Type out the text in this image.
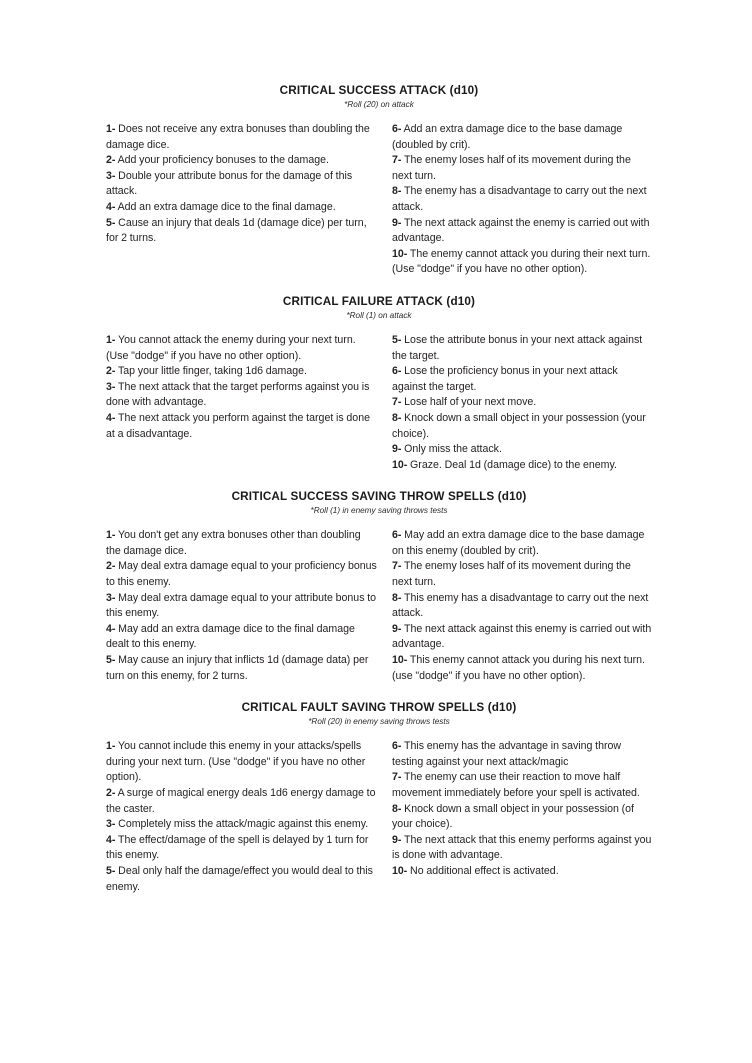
CRITICAL SUCCESS ATTACK (d10)
*Roll (20) on attack

1- Does not receive any extra bonuses than doubling the damage dice.

2- Add your proficiency bonuses to the damage.

3- Double your attribute bonus for the damage of this attack.

4- Add an extra damage dice to the final damage.

5- Cause an injury that deals 1d (damage dice) per turn, for 2 turns.

6- Add an extra damage dice to the base damage (doubled by crit).

7- The enemy loses half of its movement during the next turn.

8- The enemy has a disadvantage to carry out the next attack.

9- The next attack against the enemy is carried out with advantage.

10- The enemy cannot attack you during their next turn. (Use "dodge" if you have no other option).

CRITICAL FAILURE ATTACK (d10)
*Roll (1) on attack

1- You cannot attack the enemy during your next turn. (Use "dodge" if you have no other option).

2- Tap your little finger, taking 1d6 damage.

3- The next attack that the target performs against you is done with advantage.

4- The next attack you perform against the target is done at a disadvantage.

5- Lose the attribute bonus in your next attack against the target.

6- Lose the proficiency bonus in your next attack against the target.

7- Lose half of your next move.

8- Knock down a small object in your possession (your choice).

9- Only miss the attack.

10- Graze. Deal 1d (damage dice) to the enemy.

CRITICAL SUCCESS SAVING THROW SPELLS (d10)
*Roll (1) in enemy saving throws tests

1- You don't get any extra bonuses other than doubling the damage dice.

2- May deal extra damage equal to your proficiency bonus to this enemy.

3- May deal extra damage equal to your attribute bonus to this enemy.

4- May add an extra damage dice to the final damage dealt to this enemy.

5- May cause an injury that inflicts 1d (damage data) per turn on this enemy, for 2 turns.

6- May add an extra damage dice to the base damage on this enemy (doubled by crit).

7- The enemy loses half of its movement during the next turn.

8- This enemy has a disadvantage to carry out the next attack.

9- The next attack against this enemy is carried out with advantage.

10- This enemy cannot attack you during his next turn. (use "dodge" if you have no other option).

CRITICAL FAULT SAVING THROW SPELLS (d10)
*Roll (20) in enemy saving throws tests

1- You cannot include this enemy in your attacks/spells during your next turn. (Use "dodge" if you have no other option).

2- A surge of magical energy deals 1d6 energy damage to the caster.

3- Completely miss the attack/magic against this enemy.

4- The effect/damage of the spell is delayed by 1 turn for this enemy.

5- Deal only half the damage/effect you would deal to this enemy.

6- This enemy has the advantage in saving throw testing against your next attack/magic

7- The enemy can use their reaction to move half movement immediately before your spell is activated.

8- Knock down a small object in your possession (of your choice).

9- The next attack that this enemy performs against you is done with advantage.

10- No additional effect is activated.
